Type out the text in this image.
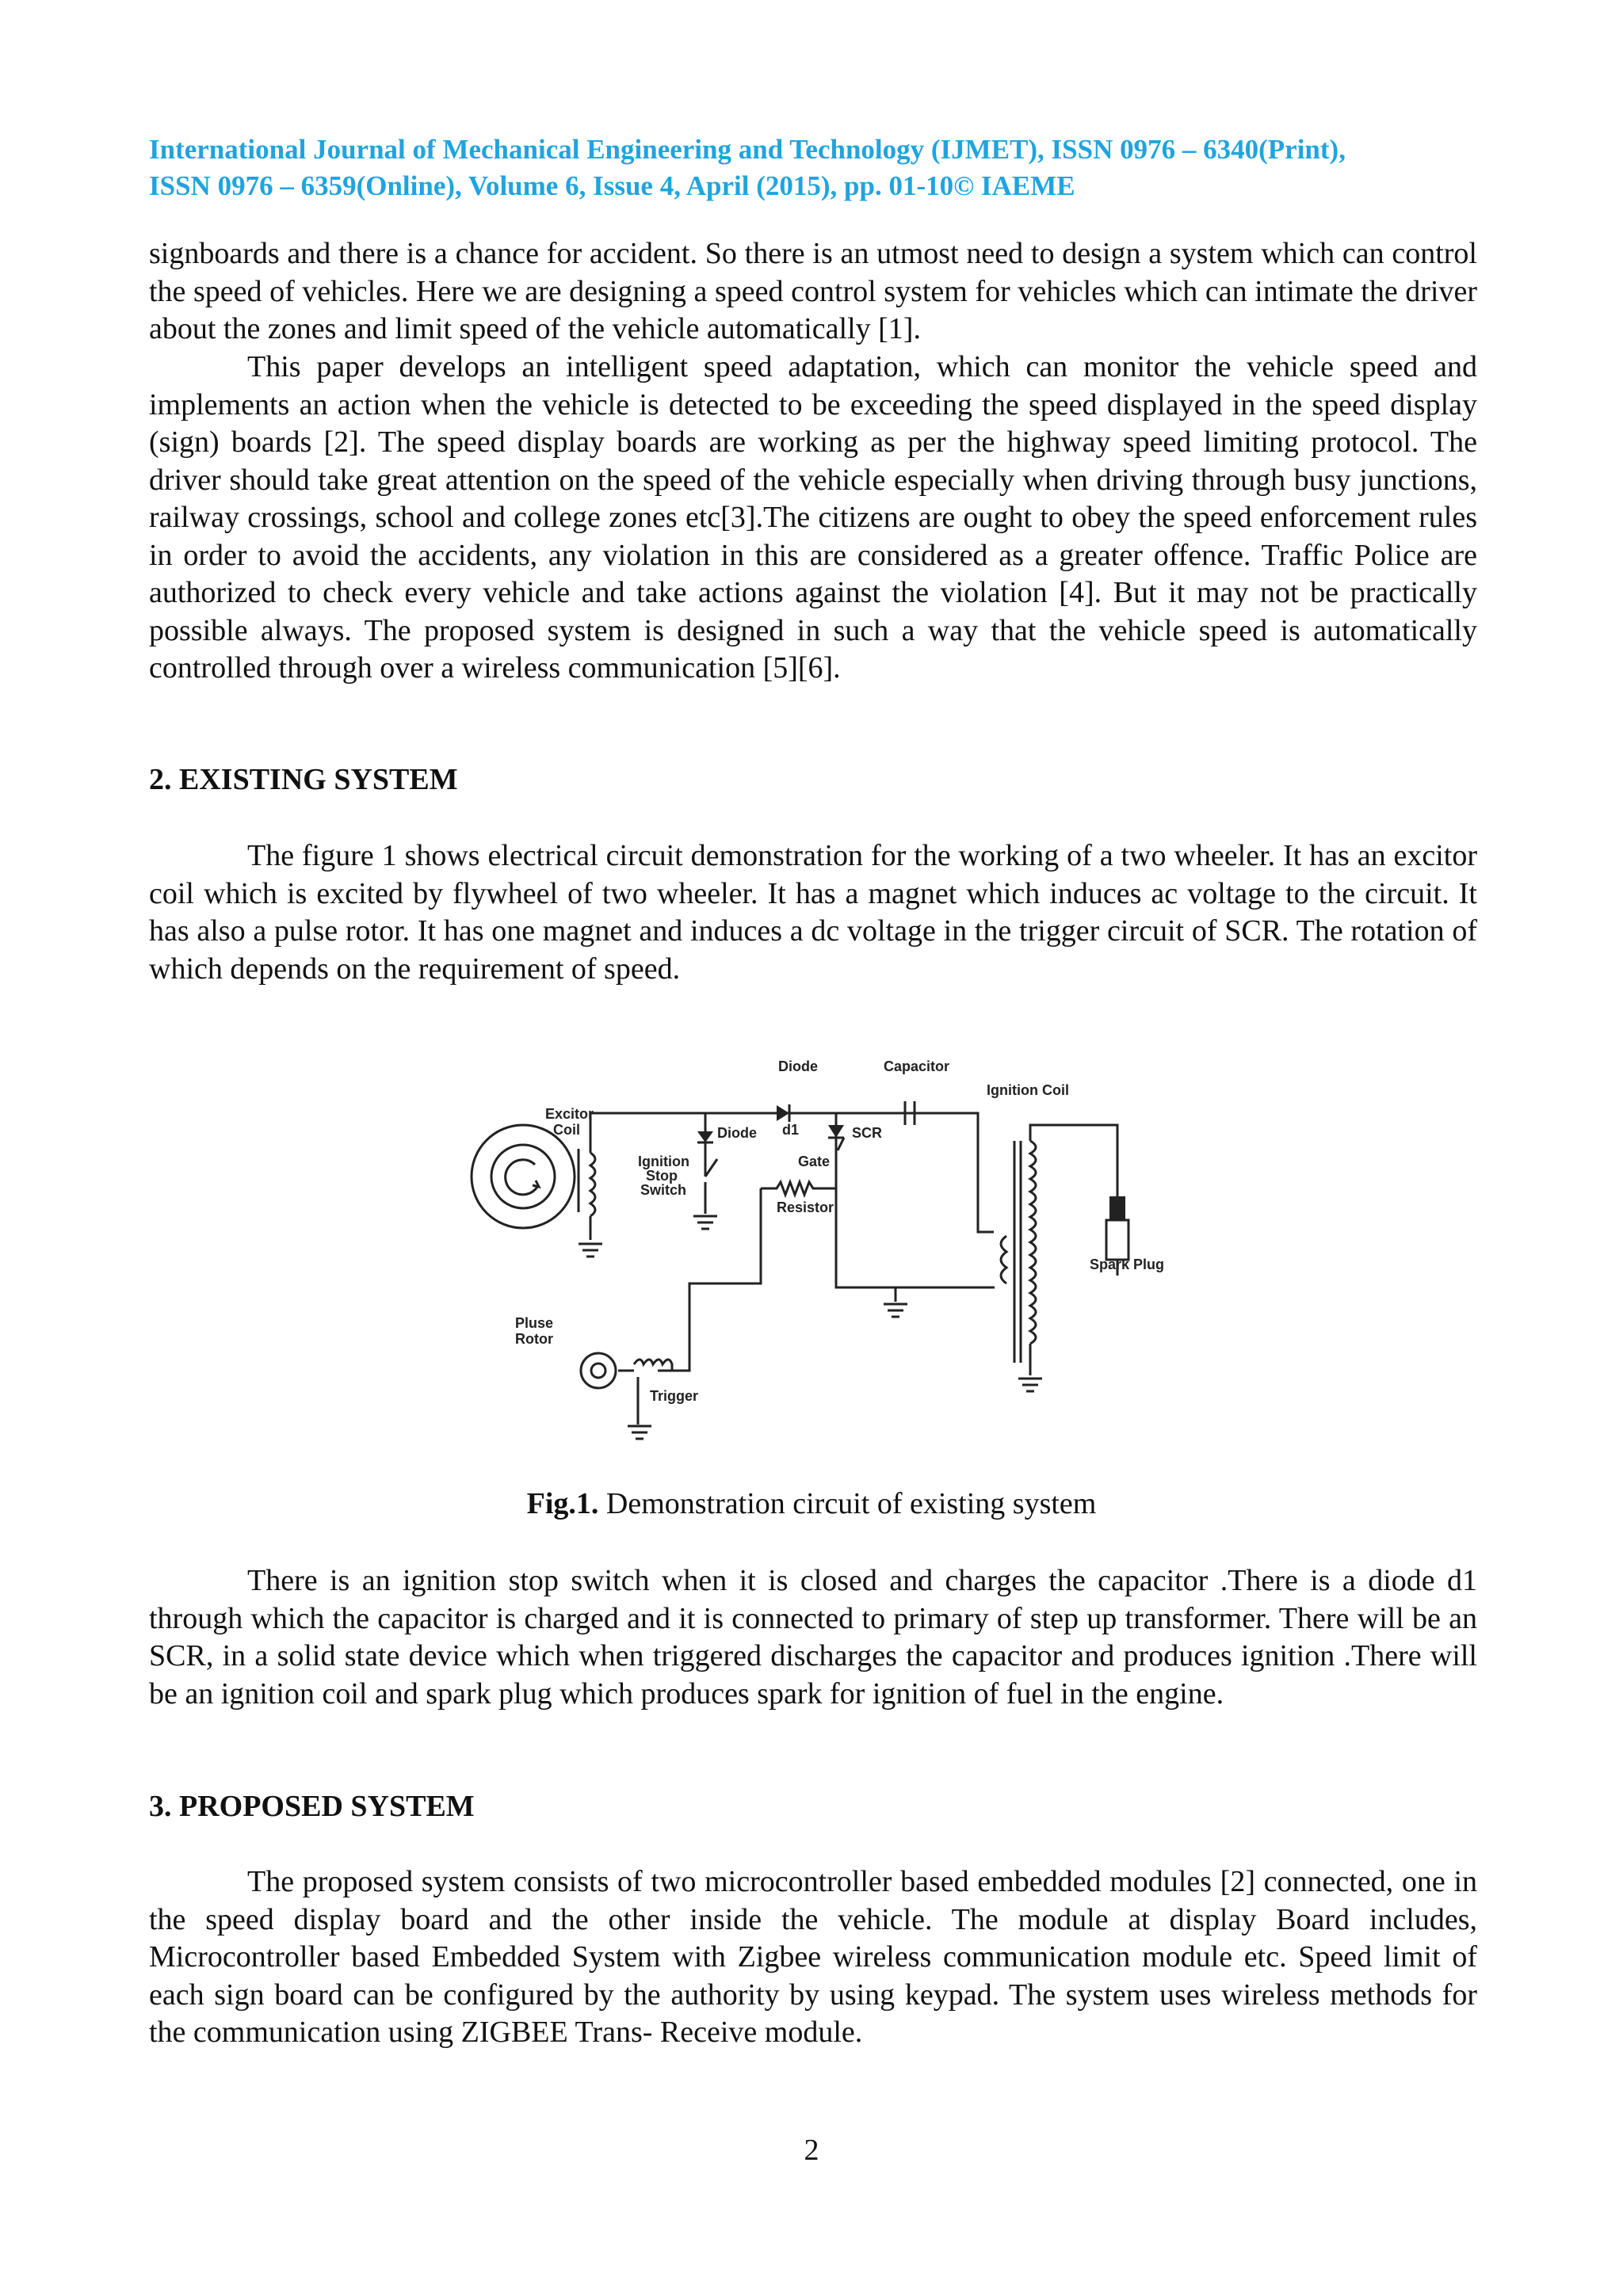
International Journal of Mechanical Engineering and Technology (IJMET), ISSN 0976 – 6340(Print),
ISSN 0976 – 6359(Online), Volume 6, Issue 4, April (2015), pp. 01-10© IAEME

signboards and there is a chance for accident. So there is an utmost need to design a system which can control the speed of vehicles. Here we are designing a speed control system for vehicles which can intimate the driver about the zones and limit speed of the vehicle automatically [1].

This paper develops an intelligent speed adaptation, which can monitor the vehicle speed and implements an action when the vehicle is detected to be exceeding the speed displayed in the speed display (sign) boards [2]. The speed display boards are working as per the highway speed limiting protocol. The driver should take great attention on the speed of the vehicle especially when driving through busy junctions, railway crossings, school and college zones etc[3].The citizens are ought to obey the speed enforcement rules in order to avoid the accidents, any violation in this are considered as a greater offence. Traffic Police are authorized to check every vehicle and take actions against the violation [4]. But it may not be practically possible always. The proposed system is designed in such a way that the vehicle speed is automatically controlled through over a wireless communication [5][6].

2. EXISTING SYSTEM

The figure 1 shows electrical circuit demonstration for the working of a two wheeler. It has an excitor coil which is excited by flywheel of two wheeler. It has a magnet which induces ac voltage to the circuit. It has also a pulse rotor. It has one magnet and induces a dc voltage in the trigger circuit of SCR. The rotation of which depends on the requirement of speed.

Diode	Capacitor
Ignition Coil
Excitor
Coil	Diode d1	SCR
Ignition
Stop
Switch
Gate
Resistor
Spark Plug
Pluse
Rotor
Trigger
Fig.1. Demonstration circuit of existing system

There is an ignition stop switch when it is closed and charges the capacitor .There is a diode d1 through which the capacitor is charged and it is connected to primary of step up transformer. There will be an SCR, in a solid state device which when triggered discharges the capacitor and produces ignition .There will be an ignition coil and spark plug which produces spark for ignition of fuel in the engine.

3. PROPOSED SYSTEM

The proposed system consists of two microcontroller based embedded modules [2] connected, one in the speed display board and the other inside the vehicle. The module at display Board includes, Microcontroller based Embedded System with Zigbee wireless communication module etc. Speed limit of each sign board can be configured by the authority by using keypad. The system uses wireless methods for the communication using ZIGBEE Trans- Receive module.

2
